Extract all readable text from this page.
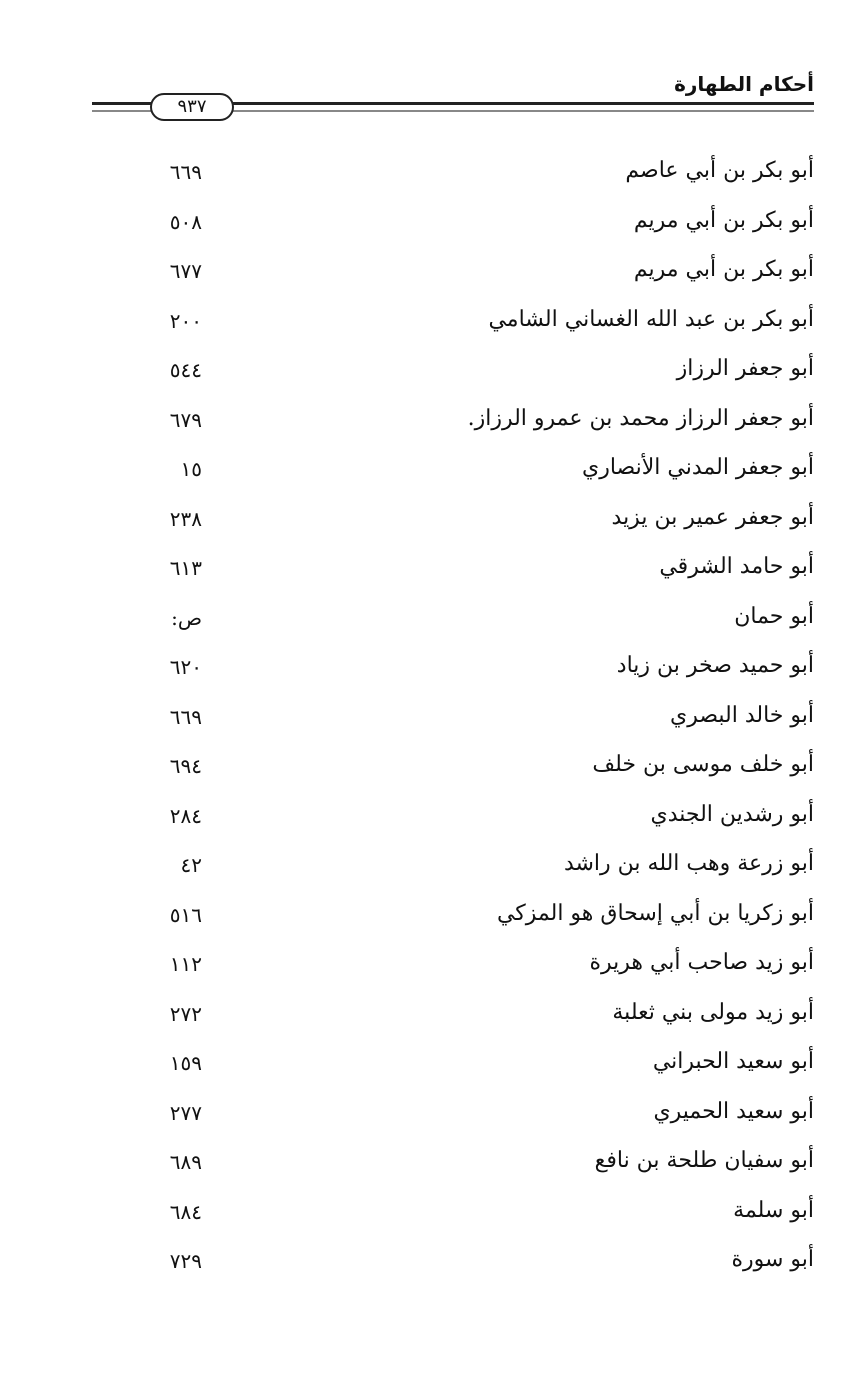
أحكام الطهارة
٩٣٧
أبو بكر بن أبي عاصم
٦٦٩
أبو بكر بن أبي مريم
٥٠٨
أبو بكر بن أبي مريم
٦٧٧
أبو بكر بن عبد الله الغساني الشامي
٢٠٠
أبو جعفر الرزاز
٥٤٤
أبو جعفر الرزاز محمد بن عمرو الرزاز.
٦٧٩
أبو جعفر المدني الأنصاري
١٥
أبو جعفر عمير بن يزيد
٢٣٨
أبو حامد الشرقي
٦١٣
أبو حمان
ص:
أبو حميد صخر بن زياد
٦٢٠
أبو خالد البصري
٦٦٩
أبو خلف موسى بن خلف
٦٩٤
أبو رشدين الجندي
٢٨٤
أبو زرعة وهب الله بن راشد
٤٢
أبو زكريا بن أبي إسحاق هو المزكي
٥١٦
أبو زيد صاحب أبي هريرة
١١٢
أبو زيد مولى بني ثعلبة
٢٧٢
أبو سعيد الحبراني
١٥٩
أبو سعيد الحميري
٢٧٧
أبو سفيان طلحة بن نافع
٦٨٩
أبو سلمة
٦٨٤
أبو سورة
٧٢٩
